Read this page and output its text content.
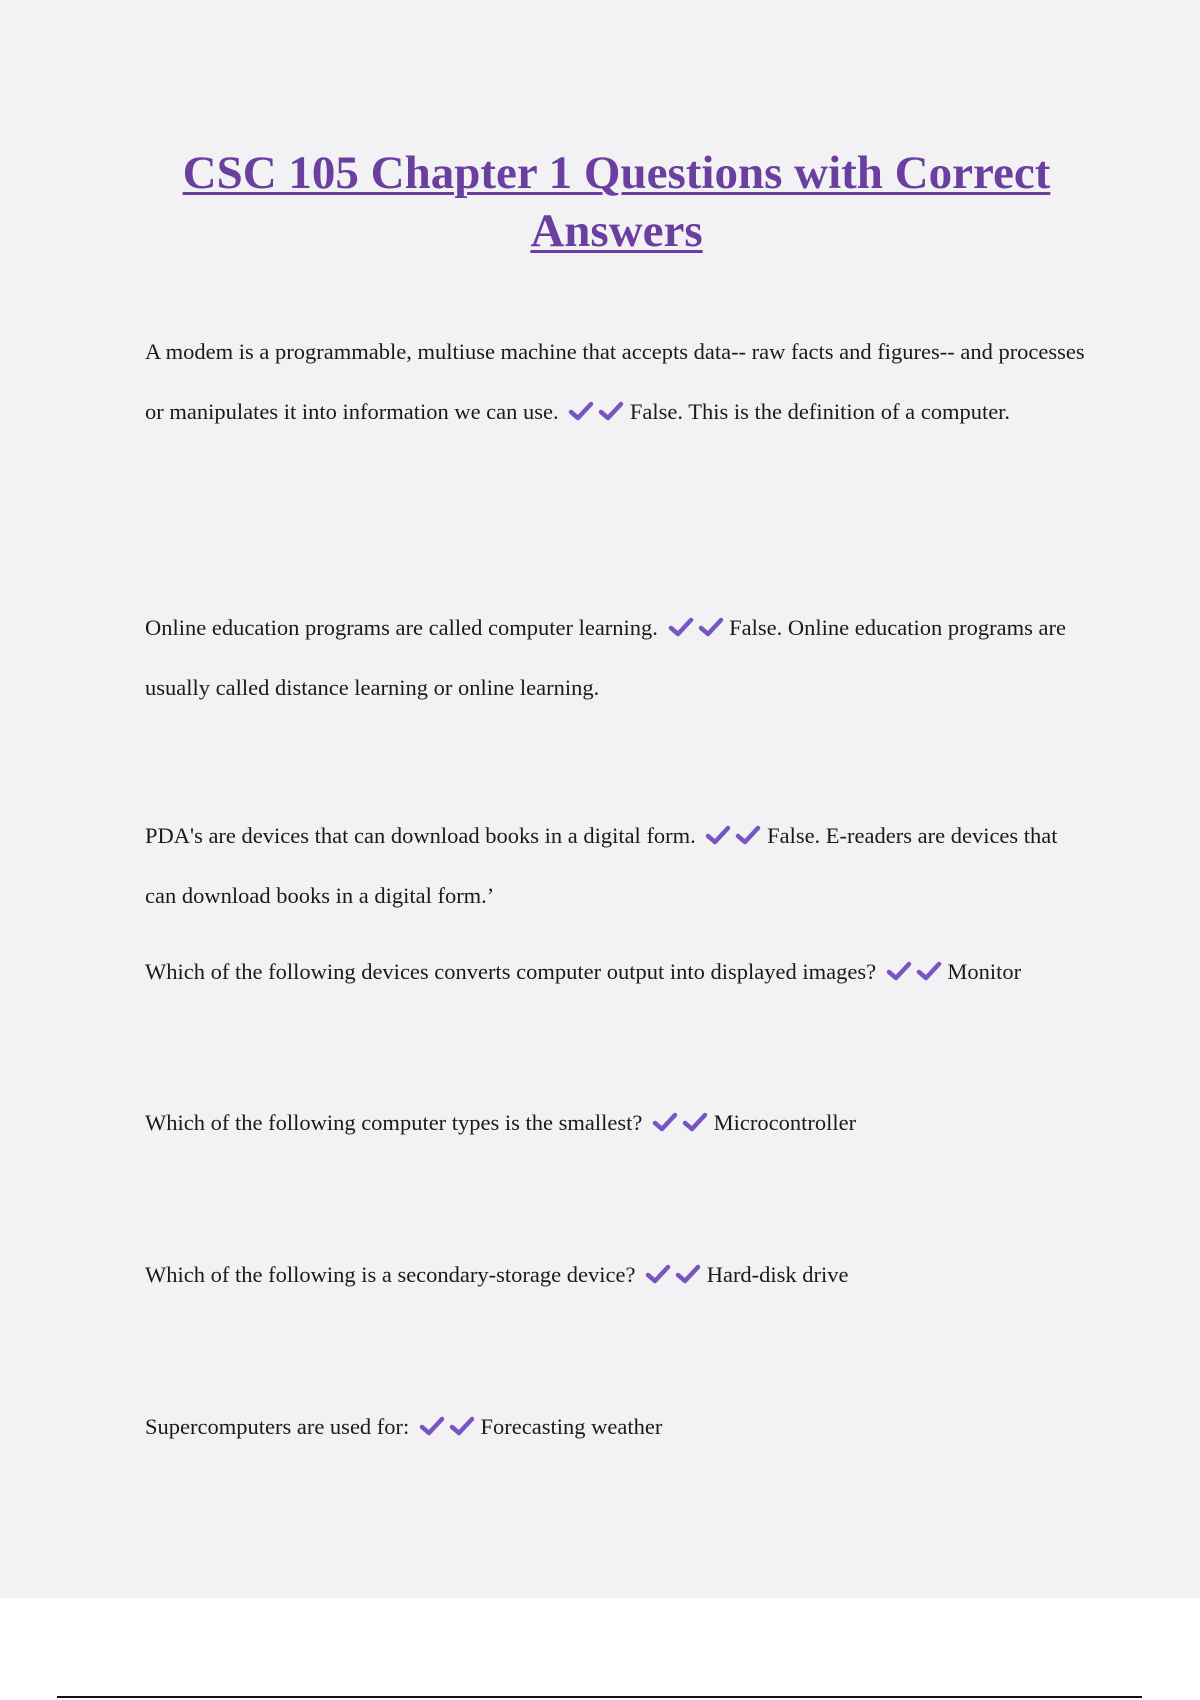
CSC 105 Chapter 1 Questions with Correct Answers

A modem is a programmable, multiuse machine that accepts data-- raw facts and figures-- and processes or manipulates it into information we can use.	False. This is the definition of a computer.

Online education programs are called computer learning.	False. Online education programs are usually called distance learning or online learning.

PDA's are devices that can download books in a digital form.	False. E-readers are devices that can download books in a digital form.’

Which of the following devices converts computer output into displayed images?	Monitor

Which of the following computer types is the smallest?	Microcontroller

Which of the following is a secondary-storage device?	Hard-disk drive

Supercomputers are used for:	Forecasting weather
